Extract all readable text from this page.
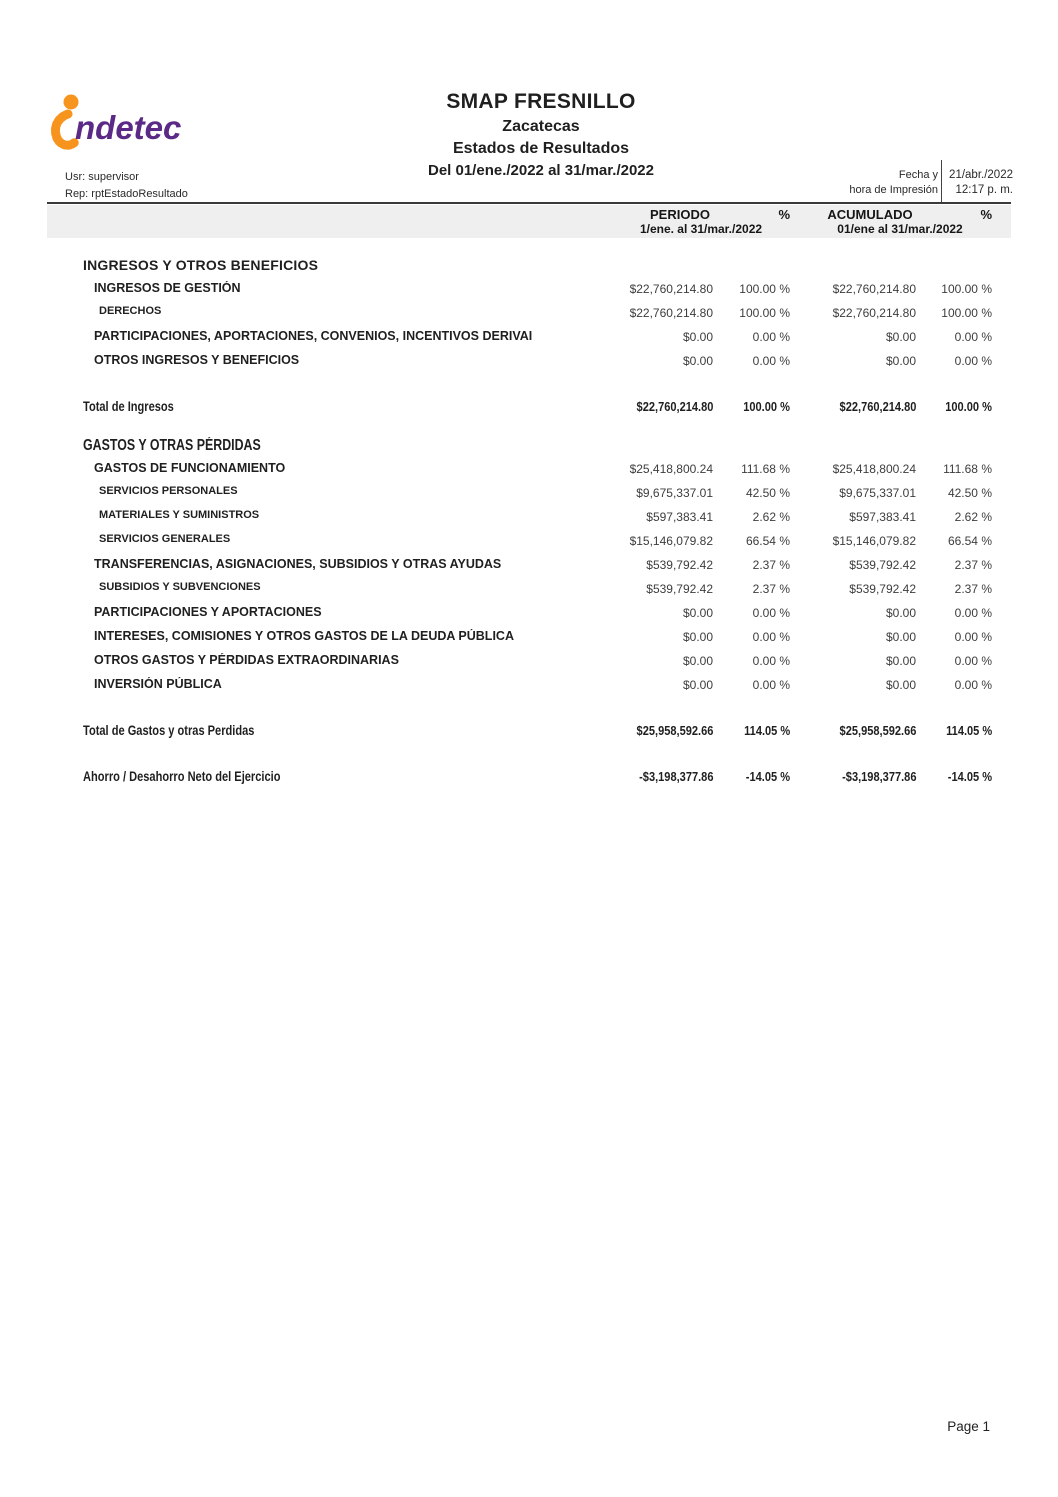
ndetec
SMAP FRESNILLO
Zacatecas
Estados de Resultados
Del 01/ene./2022 al 31/mar./2022
Usr: supervisor
Rep: rptEstadoResultado
Fecha y
hora de Impresión
21/abr./2022
12:17 p. m.
PERIODO	%	ACUMULADO	%
1/ene. al 31/mar./2022	01/ene al 31/mar./2022
INGRESOS Y OTROS BENEFICIOS
INGRESOS DE GESTIÓN	$22,760,214.80 100.00 %	$22,760,214.80 100.00 %
DERECHOS	$22,760,214.80 100.00 %	$22,760,214.80 100.00 %
PARTICIPACIONES, APORTACIONES, CONVENIOS, INCENTIVOS DERIVAI	$0.00	0.00 %	$0.00	0.00 %
OTROS INGRESOS Y BENEFICIOS	$0.00	0.00 %	$0.00	0.00 %
Total de Ingresos	$22,760,214.80 100.00 %	$22,760,214.80 100.00 %
GASTOS Y OTRAS PÉRDIDAS
GASTOS DE FUNCIONAMIENTO	$25,418,800.24 111.68 %	$25,418,800.24 111.68 %
SERVICIOS PERSONALES	$9,675,337.01	42.50 %	$9,675,337.01	42.50 %
MATERIALES Y SUMINISTROS	$597,383.41	2.62 %	$597,383.41	2.62 %
SERVICIOS GENERALES	$15,146,079.82	66.54 %	$15,146,079.82	66.54 %
TRANSFERENCIAS, ASIGNACIONES, SUBSIDIOS Y OTRAS AYUDAS	$539,792.42	2.37 %	$539,792.42	2.37 %
SUBSIDIOS Y SUBVENCIONES	$539,792.42	2.37 %	$539,792.42	2.37 %
PARTICIPACIONES Y APORTACIONES	$0.00	0.00 %	$0.00	0.00 %
INTERESES, COMISIONES Y OTROS GASTOS DE LA DEUDA PÚBLICA	$0.00	0.00 %	$0.00	0.00 %
OTROS GASTOS Y PÉRDIDAS EXTRAORDINARIAS	$0.00	0.00 %	$0.00	0.00 %
INVERSIÓN PÚBLICA	$0.00	0.00 %	$0.00	0.00 %
Total de Gastos y otras Perdidas	$25,958,592.66 114.05 %	$25,958,592.66 114.05 %
Ahorro / Desahorro Neto del Ejercicio	-$3,198,377.86	-14.05 %	-$3,198,377.86 -14.05 %
Page 1
